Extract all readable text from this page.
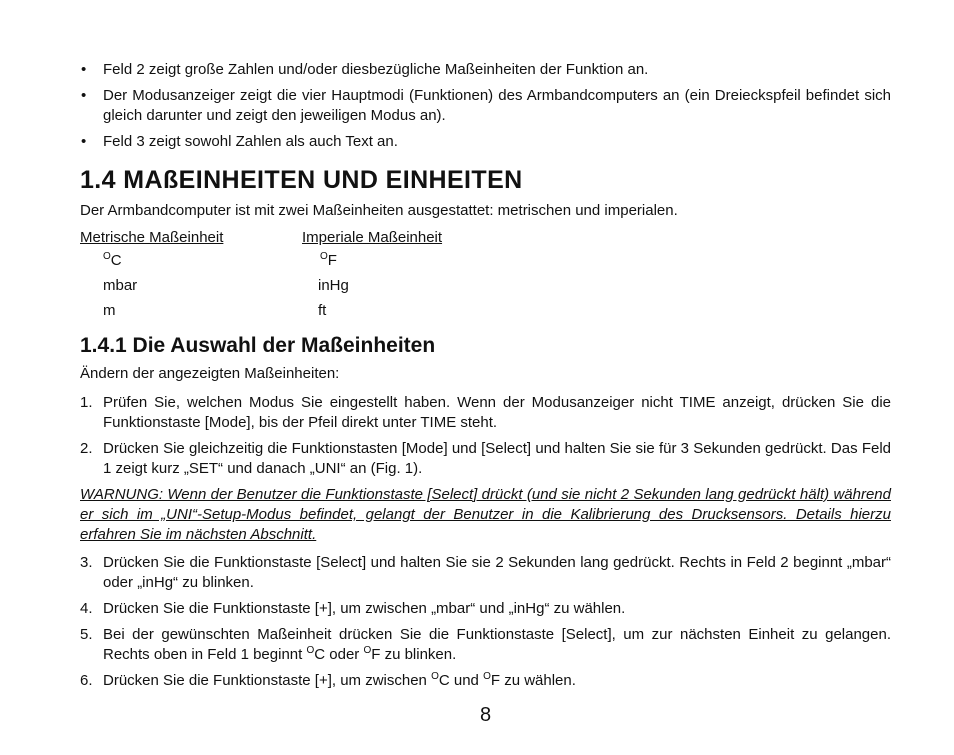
• Feld 2 zeigt große Zahlen und/oder diesbezügliche Maßeinheiten der Funktion an.
• Der Modusanzeiger zeigt die vier Hauptmodi (Funktionen) des Armbandcomputers an (ein Dreieckspfeil befindet sich gleich darunter und zeigt den jeweiligen Modus an).
• Feld 3 zeigt sowohl Zahlen als auch Text an.
1.4 MAßEINHEITEN UND EINHEITEN
Der Armbandcomputer ist mit zwei Maßeinheiten ausgestattet: metrischen und imperialen.
Metrische Maßeinheit
$^O$C
mbar
m
Imperiale Maßeinheit
$^O$F
inHg
ft
1.4.1 Die Auswahl der Maßeinheiten
Ändern der angezeigten Maßeinheiten:
1. Prüfen Sie, welchen Modus Sie eingestellt haben. Wenn der Modusanzeiger nicht TIME anzeigt, drücken Sie die Funktionstaste [Mode], bis der Pfeil direkt unter TIME steht.
2. Drücken Sie gleichzeitig die Funktionstasten [Mode] und [Select] und halten Sie sie für 3 Sekunden gedrückt. Das Feld 1 zeigt kurz „SET“ und danach „UNI“ an (Fig. 1).
WARNUNG: Wenn der Benutzer die Funktionstaste [Select] drückt (und sie nicht 2 Sekunden lang gedrückt hält) während er sich im „UNI“-Setup-Modus befindet, gelangt der Benutzer in die Kalibrierung des Drucksensors. Details hierzu erfahren Sie im nächsten Abschnitt.
3. Drücken Sie die Funktionstaste [Select] und halten Sie sie 2 Sekunden lang gedrückt. Rechts in Feld 2 beginnt „mbar“ oder „inHg“ zu blinken.
4. Drücken Sie die Funktionstaste [+], um zwischen „mbar“ und „inHg“ zu wählen.
5. Bei der gewünschten Maßeinheit drücken Sie die Funktionstaste [Select], um zur nächsten Einheit zu gelangen. Rechts oben in Feld 1 beginnt $^O$C oder $^O$F zu blinken.
6. Drücken Sie die Funktionstaste [+], um zwischen $^O$C und $^O$F zu wählen.
8
